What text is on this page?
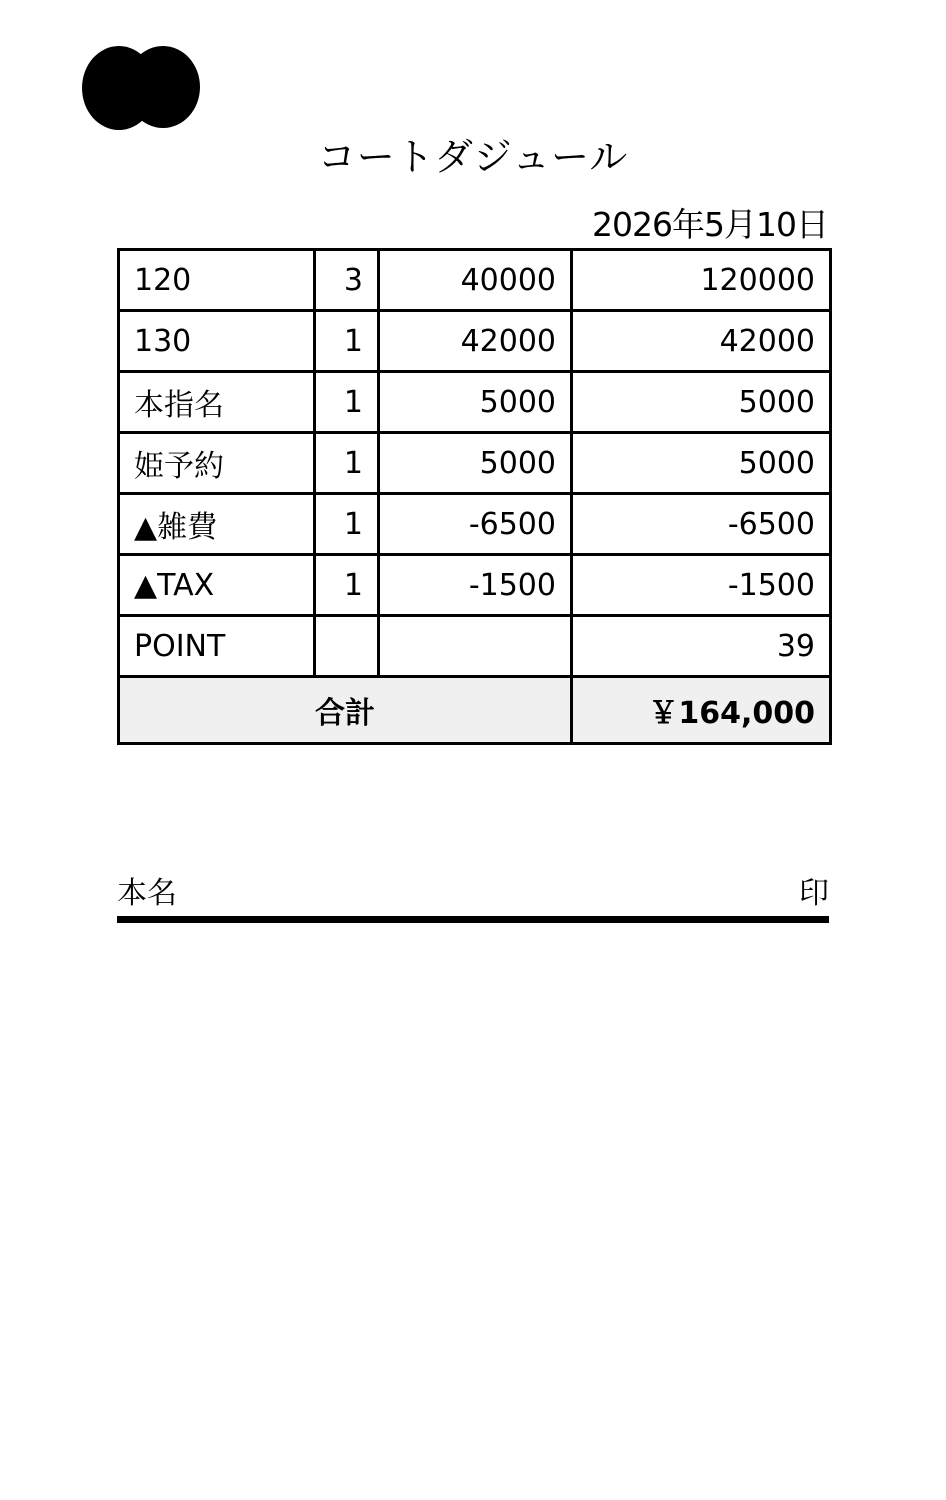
コートダジュール
2026年5月10日
120	3	40000	120000
130	1	42000	42000
本指名	1	5000	5000
姫予約	1	5000	5000
▲雑費	1	-6500	-6500
▲TAX	1	-1500	-1500
POINT			39
合計			￥164,000
本名	印
